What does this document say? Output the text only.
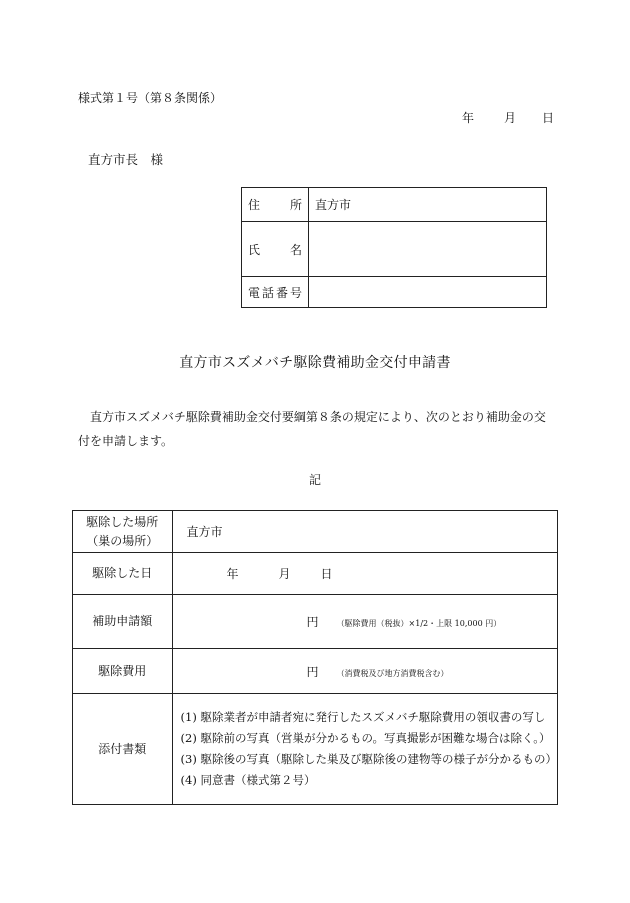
様式第１号（第８条関係）
年 月 日
直方市長　様
住　所	直方市

氏　名	

電話番号	

直方市スズメバチ駆除費補助金交付申請書
直方市スズメバチ駆除費補助金交付要綱第８条の規定により、次のとおり補助金の交付を申請します。
記
駆除した場所
（巣の場所）	直方市
駆除した日	年 月 日
補助申請額	円 （駆除費用（税抜）×1/2・上限 10,000 円）
駆除費用	円 （消費税及び地方消費税含む）
添付書類	(1) 駆除業者が申請者宛に発行したスズメバチ駆除費用の領収書の写し
(2) 駆除前の写真（営巣が分かるもの。写真撮影が困難な場合は除く。）
(3) 駆除後の写真（駆除した巣及び駆除後の建物等の様子が分かるもの）
(4) 同意書（様式第２号）
